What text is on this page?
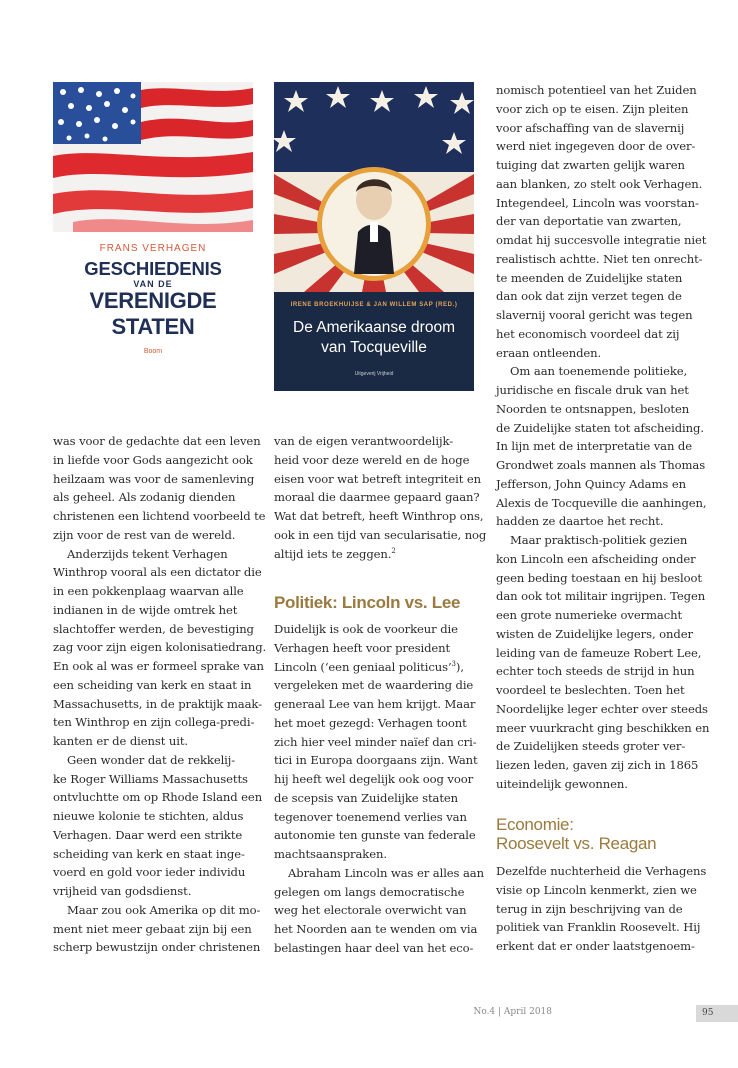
FRANS VERHAGEN
GESCHIEDENIS
VAN DE
VERENIGDE
STATEN
Boom
IRENE BROEKHUIJSE & JAN WILLEM SAP (RED.)
De Amerikaanse droom
van Tocqueville
Uitgeverij Vrijheid

was voor de gedachte dat een leven

in liefde voor Gods aangezicht ook

heilzaam was voor de samenleving

als geheel. Als zodanig dienden

christenen een lichtend voorbeeld te

zijn voor de rest van de wereld.

Anderzijds tekent Verhagen

Winthrop vooral als een dictator die

in een pokkenplaag waarvan alle

indianen in de wijde omtrek het

slachtoffer werden, de bevestiging

zag voor zijn eigen kolonisatiedrang.

En ook al was er formeel sprake van

een scheiding van kerk en staat in

Massachusetts, in de praktijk maak-

ten Winthrop en zijn collega-predi-

kanten er de dienst uit.

Geen wonder dat de rekkelij-

ke Roger Williams Massachusetts

ontvluchtte om op Rhode Island een

nieuwe kolonie te stichten, aldus

Verhagen. Daar werd een strikte

scheiding van kerk en staat inge-

voerd en gold voor ieder individu

vrijheid van godsdienst.

Maar zou ook Amerika op dit mo-

ment niet meer gebaat zijn bij een

scherp bewustzijn onder christenen

van de eigen verantwoordelijk-

heid voor deze wereld en de hoge

eisen voor wat betreft integriteit en

moraal die daarmee gepaard gaan?

Wat dat betreft, heeft Winthrop ons,

ook in een tijd van secularisatie, nog

altijd iets te zeggen.$^2$

Politiek: Lincoln vs. Lee

Duidelijk is ook de voorkeur die

Verhagen heeft voor president

Lincoln (‘een geniaal politicus’$^3$),

vergeleken met de waardering die

generaal Lee van hem krijgt. Maar

het moet gezegd: Verhagen toont

zich hier veel minder naïef dan cri-

tici in Europa doorgaans zijn. Want

hij heeft wel degelijk ook oog voor

de scepsis van Zuidelijke staten

tegenover toenemend verlies van

autonomie ten gunste van federale

machtsaanspraken.

Abraham Lincoln was er alles aan

gelegen om langs democratische

weg het electorale overwicht van

het Noorden aan te wenden om via

belastingen haar deel van het eco-

nomisch potentieel van het Zuiden

voor zich op te eisen. Zijn pleiten

voor afschaffing van de slavernij

werd niet ingegeven door de over-

tuiging dat zwarten gelijk waren

aan blanken, zo stelt ook Verhagen.

Integendeel, Lincoln was voorstan-

der van deportatie van zwarten,

omdat hij succesvolle integratie niet

realistisch achtte. Niet ten onrecht-

te meenden de Zuidelijke staten

dan ook dat zijn verzet tegen de

slavernij vooral gericht was tegen

het economisch voordeel dat zij

eraan ontleenden.

Om aan toenemende politieke,

juridische en fiscale druk van het

Noorden te ontsnappen, besloten

de Zuidelijke staten tot afscheiding.

In lijn met de interpretatie van de

Grondwet zoals mannen als Thomas

Jefferson, John Quincy Adams en

Alexis de Tocqueville die aanhingen,

hadden ze daartoe het recht.

Maar praktisch-politiek gezien

kon Lincoln een afscheiding onder

geen beding toestaan en hij besloot

dan ook tot militair ingrijpen. Tegen

een grote numerieke overmacht

wisten de Zuidelijke legers, onder

leiding van de fameuze Robert Lee,

echter toch steeds de strijd in hun

voordeel te beslechten. Toen het

Noordelijke leger echter over steeds

meer vuurkracht ging beschikken en

de Zuidelijken steeds groter ver-

liezen leden, gaven zij zich in 1865

uiteindelijk gewonnen.

Economie:
Roosevelt vs. Reagan

Dezelfde nuchterheid die Verhagens

visie op Lincoln kenmerkt, zien we

terug in zijn beschrijving van de

politiek van Franklin Roosevelt. Hij

erkent dat er onder laatstgenoem-

No.4 | April 2018	95
